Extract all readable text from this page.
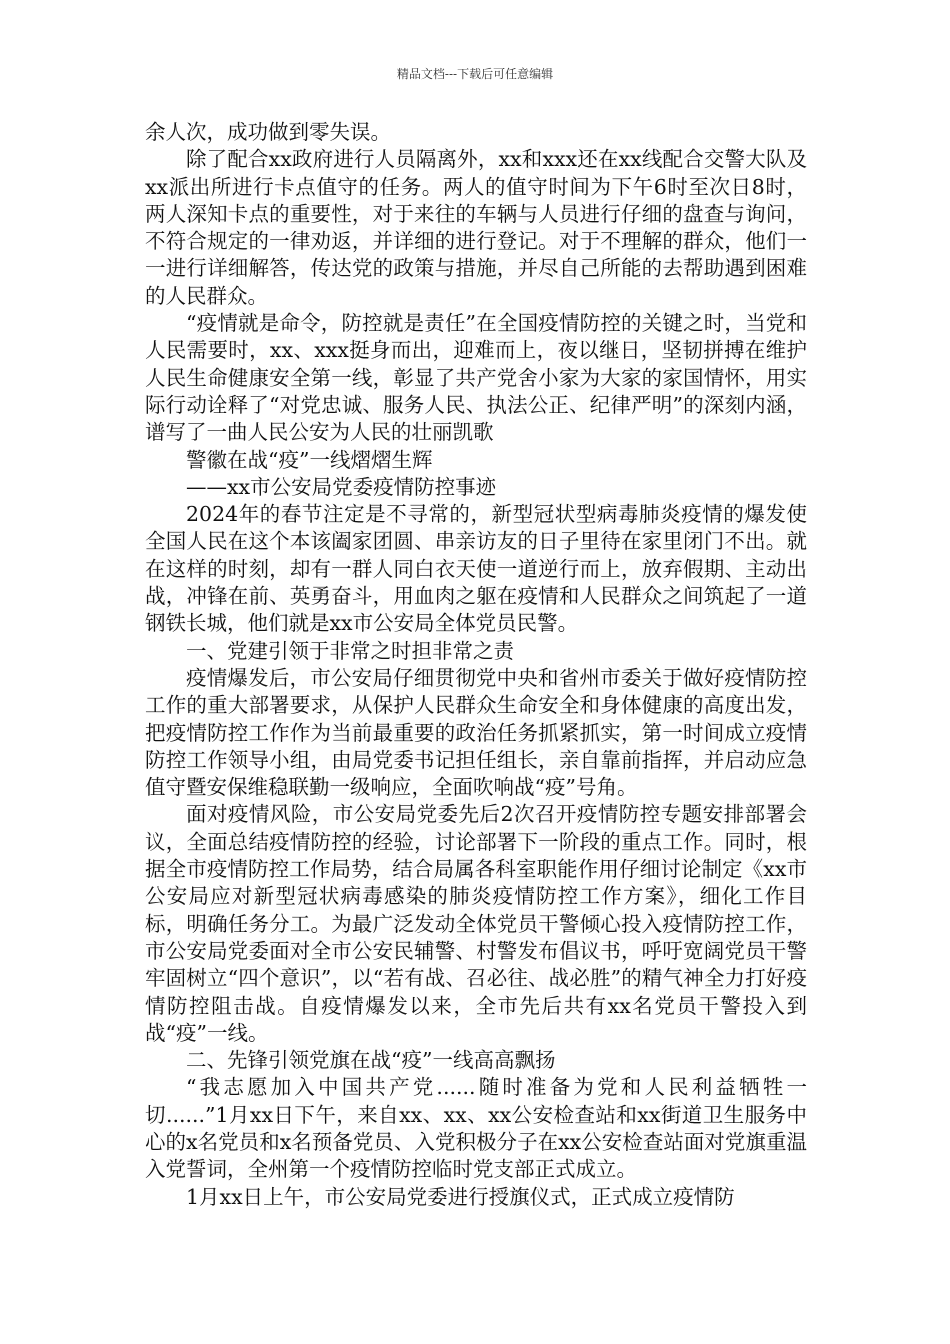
精品文档---下载后可任意编辑

余人次，成功做到零失误。

除了配合xx政府进行人员隔离外，xx和xxx还在xx线配合交警大队及xx派出所进行卡点值守的任务。两人的值守时间为下午6时至次日8时，两人深知卡点的重要性，对于来往的车辆与人员进行仔细的盘查与询问，不符合规定的一律劝返，并详细的进行登记。对于不理解的群众，他们一一进行详细解答，传达党的政策与措施，并尽自己所能的去帮助遇到困难的人民群众。

“疫情就是命令，防控就是责任”在全国疫情防控的关键之时，当党和人民需要时，xx、xxx挺身而出，迎难而上，夜以继日，坚韧拼搏在维护人民生命健康安全第一线，彰显了共产党舍小家为大家的家国情怀，用实际行动诠释了“对党忠诚、服务人民、执法公正、纪律严明”的深刻内涵，谱写了一曲人民公安为人民的壮丽凯歌

警徽在战“疫”一线熠熠生辉

——xx市公安局党委疫情防控事迹

2024年的春节注定是不寻常的，新型冠状型病毒肺炎疫情的爆发使全国人民在这个本该阖家团圆、串亲访友的日子里待在家里闭门不出。就在这样的时刻，却有一群人同白衣天使一道逆行而上，放弃假期、主动出战，冲锋在前、英勇奋斗，用血肉之躯在疫情和人民群众之间筑起了一道钢铁长城，他们就是xx市公安局全体党员民警。

一、党建引领于非常之时担非常之责

疫情爆发后，市公安局仔细贯彻党中央和省州市委关于做好疫情防控工作的重大部署要求，从保护人民群众生命安全和身体健康的高度出发，把疫情防控工作作为当前最重要的政治任务抓紧抓实，第一时间成立疫情防控工作领导小组，由局党委书记担任组长，亲自靠前指挥，并启动应急值守暨安保维稳联勤一级响应，全面吹响战“疫”号角。

面对疫情风险，市公安局党委先后2次召开疫情防控专题安排部署会议，全面总结疫情防控的经验，讨论部署下一阶段的重点工作。同时，根据全市疫情防控工作局势，结合局属各科室职能作用仔细讨论制定《xx市公安局应对新型冠状病毒感染的肺炎疫情防控工作方案》，细化工作目标，明确任务分工。为最广泛发动全体党员干警倾心投入疫情防控工作，市公安局党委面对全市公安民辅警、村警发布倡议书，呼吁宽阔党员干警牢固树立“四个意识”，以“若有战、召必往、战必胜”的精气神全力打好疫情防控阻击战。自疫情爆发以来，全市先后共有xx名党员干警投入到战“疫”一线。

二、先锋引领党旗在战“疫”一线高高飘扬

“我志愿加入中国共产党......随时准备为党和人民利益牺牲一切......”1月xx日下午，来自xx、xx、xx公安检查站和xx街道卫生服务中心的x名党员和x名预备党员、入党积极分子在xx公安检查站面对党旗重温入党誓词，全州第一个疫情防控临时党支部正式成立。

1月xx日上午，市公安局党委进行授旗仪式，正式成立疫情防
